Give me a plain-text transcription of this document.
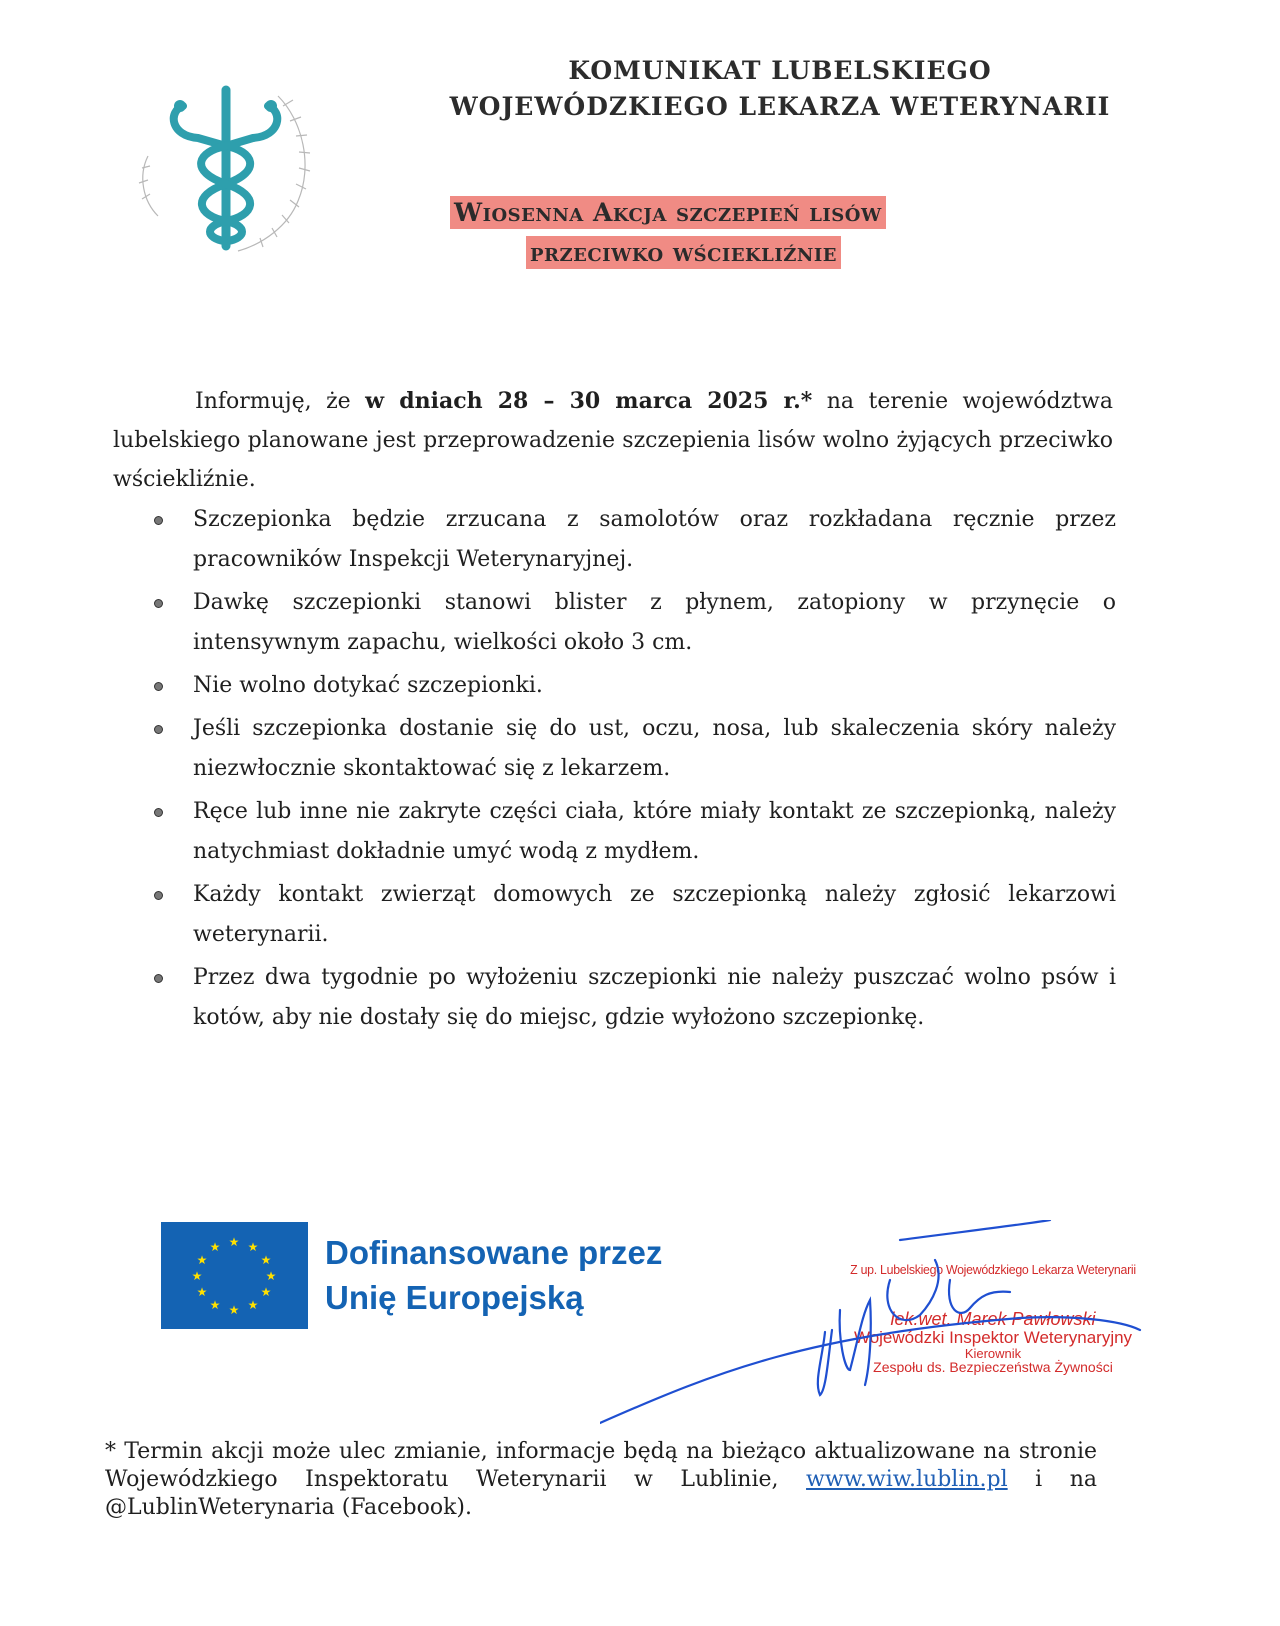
KOMUNIKAT LUBELSKIEGO
WOJEWÓDZKIEGO LEKARZA WETERYNARII
Wiosenna Akcja szczepień lisów
przeciwko wściekliźnie
Informuję, że w dniach 28 – 30 marca 2025 r.* na terenie województwa lubelskiego planowane jest przeprowadzenie szczepienia lisów wolno żyjących przeciwko wściekliźnie.
Szczepionka będzie zrzucana z samolotów oraz rozkładana ręcznie przez pracowników Inspekcji Weterynaryjnej.
Dawkę szczepionki stanowi blister z płynem, zatopiony w przynęcie o intensywnym zapachu, wielkości około 3 cm.
Nie wolno dotykać szczepionki.
Jeśli szczepionka dostanie się do ust, oczu, nosa, lub skaleczenia skóry należy niezwłocznie skontaktować się z lekarzem.
Ręce lub inne nie zakryte części ciała, które miały kontakt ze szczepionką, należy natychmiast dokładnie umyć wodą z mydłem.
Każdy kontakt zwierząt domowych ze szczepionką należy zgłosić lekarzowi weterynarii.
Przez dwa tygodnie po wyłożeniu szczepionki nie należy puszczać wolno psów i kotów, aby nie dostały się do miejsc, gdzie wyłożono szczepionkę.
★ ★
★
★
★
★
★
★
★
★
★
★	Dofinansowane przez
Unię Europejską
Z up. Lubelskiego Wojewódzkiego Lekarza Weterynarii
lek.wet. Marek Pawłowski
Wojewódzki Inspektor Weterynaryjny
Kierownik
Zespołu ds. Bezpieczeństwa Żywności
* Termin akcji może ulec zmianie, informacje będą na bieżąco aktualizowane na stronie Wojewódzkiego Inspektoratu Weterynarii w Lublinie, www.wiw.lublin.pl i na @LublinWeterynaria (Facebook).
